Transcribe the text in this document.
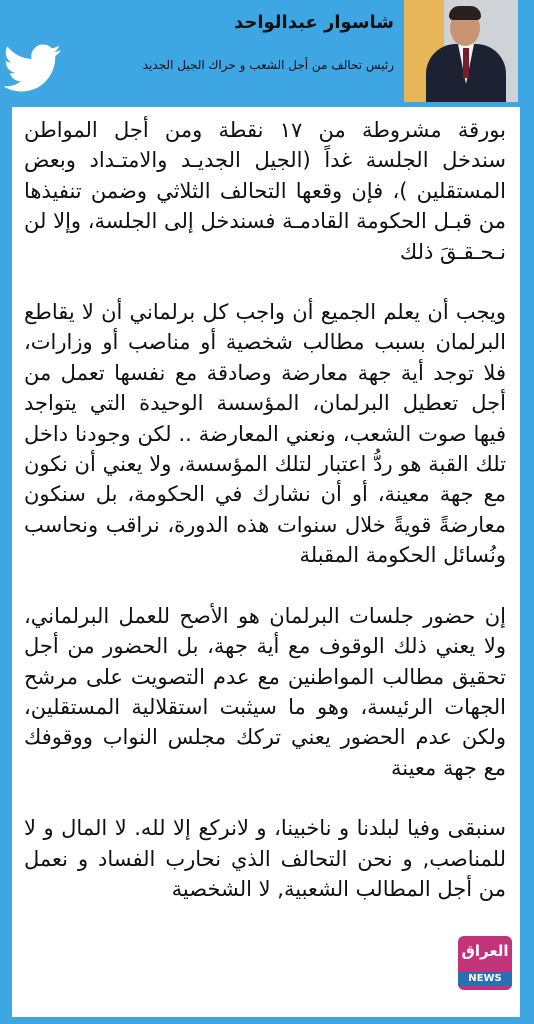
شاسوار عبدالواحد
رئيس تحالف من أجل الشعب و حراك الجيل الجديد

بورقة مشروطة من ١٧ نقطة ومن أجل المواطن سندخل الجلسة غداً (الجيل الجديـد والامتـداد وبعض المستقلين )، فإن وقعها التحالف الثلاثي وضمن تنفيذها من قبـل الحكومة القادمـة فسندخل إلى الجلسة، وإلا لن نـحـقـقَ ذلك

ويجب أن يعلم الجميع أن واجب كل برلماني أن لا يقاطع البرلمان بسبب مطالب شخصية أو مناصب أو وزارات، فلا توجد أية جهة معارضة وصادقة مع نفسها تعمل من أجل تعطيل البرلمان، المؤسسة الوحيدة التي يتواجد فيها صوت الشعب، ونعني المعارضة .. لكن وجودنا داخل تلك القبة هو ردُّ اعتبار لتلك المؤسسة، ولا يعني أن نكون مع جهة معينة، أو أن نشارك في الحكومة، بل سنكون معارضةً قويةً خلال سنوات هذه الدورة، نراقب ونحاسب ونُسائل الحكومة المقبلة

إن حضور جلسات البرلمان هو الأصح للعمل البرلماني، ولا يعني ذلك الوقوف مع أية جهة، بل الحضور من أجل تحقيق مطالب المواطنين مع عدم التصويت على مرشح الجهات الرئيسة، وهو ما سيثبت استقلالية المستقلين، ولكن عدم الحضور يعني تركك مجلس النواب ووقوفك مع جهة معينة

سنبقى وفيا لبلدنا و ناخبينا، و لانركع إلا لله. لا المال و لا للمناصب, و نحن التحالف الذي نحارب الفساد و نعمل من أجل المطالب الشعبية, لا الشخصية

العراق
NEWS
